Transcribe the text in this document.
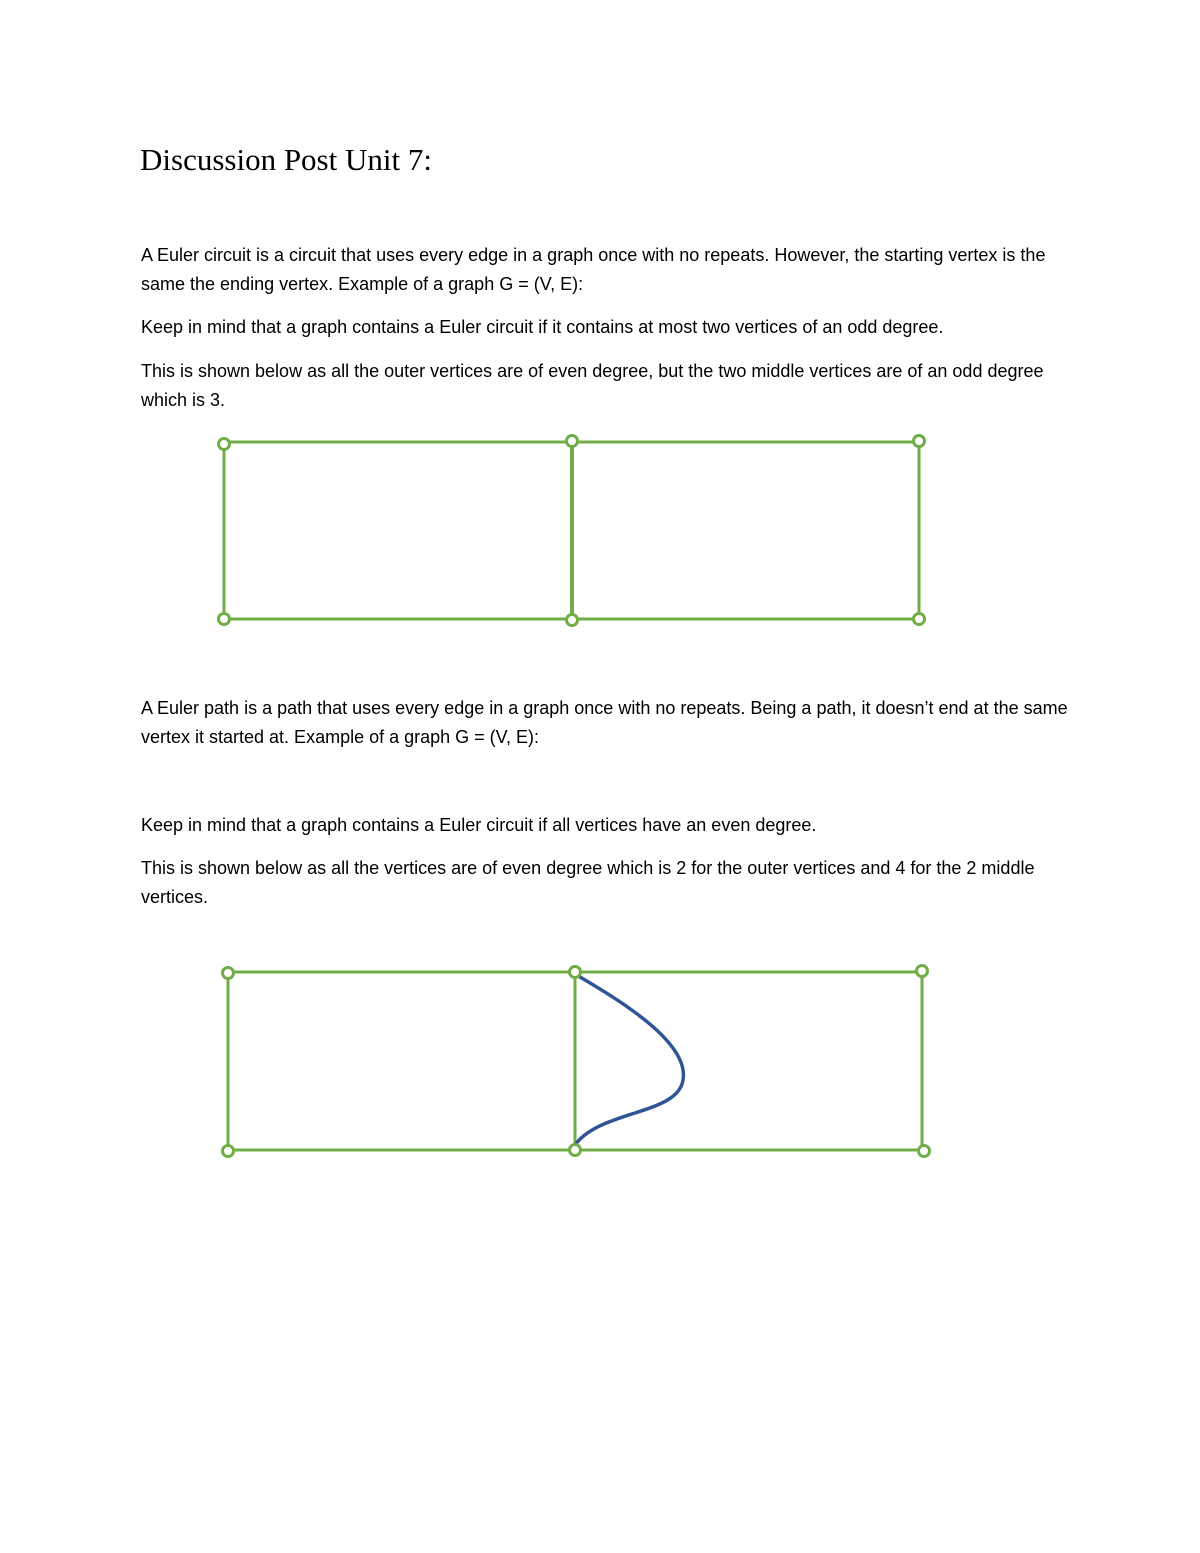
Discussion Post Unit 7:

A Euler circuit is a circuit that uses every edge in a graph once with no repeats. However, the starting vertex is the same the ending vertex. Example of a graph G = (V, E):

Keep in mind that a graph contains a Euler circuit if it contains at most two vertices of an odd degree.

This is shown below as all the outer vertices are of even degree, but the two middle vertices are of an odd degree which is 3.

A Euler path is a path that uses every edge in a graph once with no repeats. Being a path, it doesn’t end at the same vertex it started at. Example of a graph G = (V, E):

Keep in mind that a graph contains a Euler circuit if all vertices have an even degree.

This is shown below as all the vertices are of even degree which is 2 for the outer vertices and 4 for the 2 middle vertices.
